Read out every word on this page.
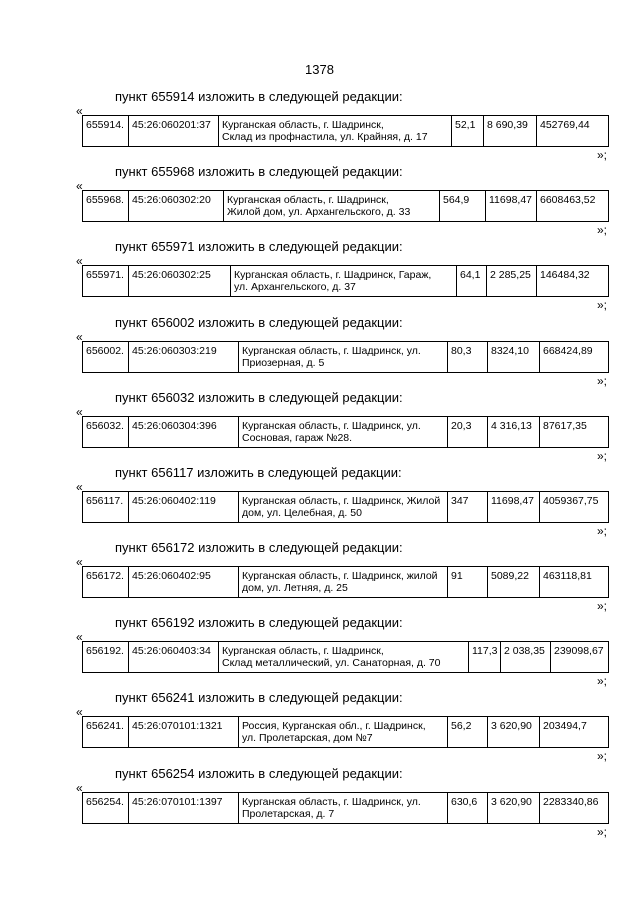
1378
пункт 655914 изложить в следующей редакции:
«
655914.	45:26:060201:37	Курганская область, г. Шадринск,
Склад из профнастила, ул. Крайняя, д. 17	52,1	8 690,39	452769,44
»;
пункт 655968 изложить в следующей редакции:
«
655968.	45:26:060302:20	Курганская область, г. Шадринск,
Жилой дом, ул. Архангельского, д. 33	564,9	11698,47	6608463,52
»;
пункт 655971 изложить в следующей редакции:
«
655971.	45:26:060302:25	Курганская область, г. Шадринск, Гараж,
ул. Архангельского, д. 37	64,1	2 285,25	146484,32
»;
пункт 656002 изложить в следующей редакции:
«
656002.	45:26:060303:219	Курганская область, г. Шадринск, ул.
Приозерная, д. 5	80,3	8324,10	668424,89
»;
пункт 656032 изложить в следующей редакции:
«
656032.	45:26:060304:396	Курганская область, г. Шадринск, ул.
Сосновая, гараж №28.	20,3	4 316,13	87617,35
»;
пункт 656117 изложить в следующей редакции:
«
656117.	45:26:060402:119	Курганская область, г. Шадринск, Жилой
дом, ул. Целебная, д. 50	347	11698,47	4059367,75
»;
пункт 656172 изложить в следующей редакции:
«
656172.	45:26:060402:95	Курганская область, г. Шадринск, жилой
дом, ул. Летняя, д. 25	91	5089,22	463118,81
»;
пункт 656192 изложить в следующей редакции:
«
656192.	45:26:060403:34	Курганская область, г. Шадринск,
Склад металлический, ул. Санаторная, д. 70	117,3	2 038,35	239098,67
»;
пункт 656241 изложить в следующей редакции:
«
656241.	45:26:070101:1321	Россия, Курганская обл., г. Шадринск,
ул. Пролетарская, дом №7	56,2	3 620,90	203494,7
»;
пункт 656254 изложить в следующей редакции:
«
656254.	45:26:070101:1397	Курганская область, г. Шадринск, ул.
Пролетарская, д. 7	630,6	3 620,90	2283340,86
»;
